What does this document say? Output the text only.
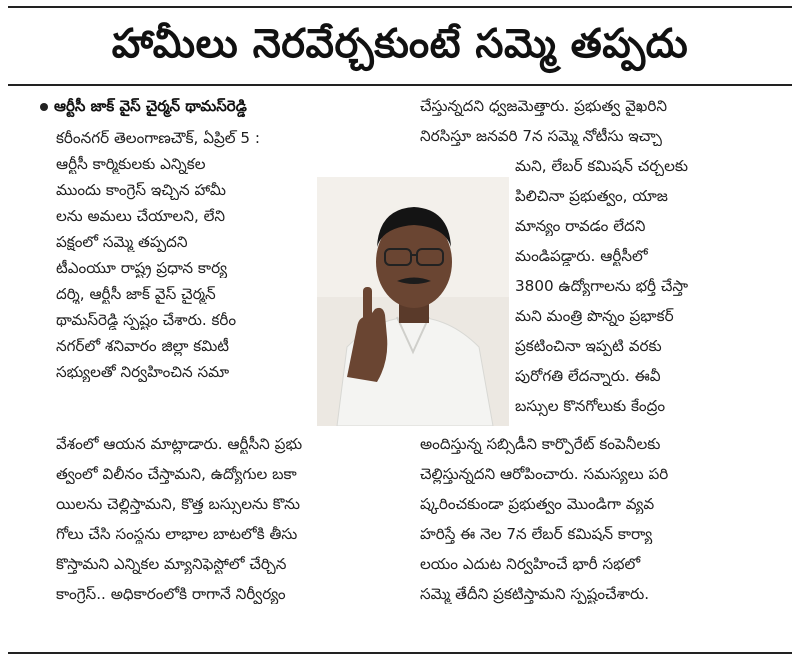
హామీలు నెరవేర్చకుంటే సమ్మె తప్పదు

ఆర్టీసీ జాక్ వైస్ చైర్మన్ థామస్‌రెడ్డి

కరీంనగర్ తెలంగాణచౌక్, ఏప్రిల్ 5 :

ఆర్టీసీ కార్మికులకు ఎన్నికల

ముందు కాంగ్రెస్ ఇచ్చిన హామీ

లను అమలు చేయాలని, లేని

పక్షంలో సమ్మె తప్పదని

టీఎంయూ రాష్ట్ర ప్రధాన కార్య

దర్శి, ఆర్టీసీ జాక్ వైస్ చైర్మన్

థామస్‌రెడ్డి స్పష్టం చేశారు. కరీం

నగర్‌లో శనివారం జిల్లా కమిటీ

సభ్యులతో నిర్వహించిన సమా

వేశంలో ఆయన మాట్లాడారు. ఆర్టీసీని ప్రభు

త్వంలో విలీనం చేస్తామని, ఉద్యోగుల బకా

యిలను చెల్లిస్తామని, కొత్త బస్సులను కొను

గోలు చేసి సంస్థను లాభాల బాటలోకి తీసు

కొస్తామని ఎన్నికల మ్యానిఫెస్టోలో చేర్చిన

కాంగ్రెస్.. అధికారంలోకి రాగానే నిర్వీర్యం

చేస్తున్నదని ధ్వజమెత్తారు. ప్రభుత్వ వైఖరిని

నిరసిస్తూ జనవరి 7న సమ్మె నోటీసు ఇచ్చా

మని, లేబర్ కమిషన్ చర్చలకు

పిలిచినా ప్రభుత్వం, యాజ

మాన్యం రావడం లేదని

మండిపడ్డారు. ఆర్టీసీలో

3800 ఉద్యోగాలను భర్తీ చేస్తా

మని మంత్రి పొన్నం ప్రభాకర్

ప్రకటించినా ఇప్పటి వరకు

పురోగతి లేదన్నారు. ఈవీ

బస్సుల కొనగోలుకు కేంద్రం

అందిస్తున్న సబ్సిడీని కార్పొరేట్ కంపెనీలకు

చెల్లిస్తున్నదని ఆరోపించారు. సమస్యలు పరి

ష్కరించకుండా ప్రభుత్వం మొండిగా వ్యవ

హరిస్తే ఈ నెల 7న లేబర్ కమిషన్ కార్యా

లయం ఎదుట నిర్వహించే భారీ సభలో

సమ్మె తేదీని ప్రకటిస్తామని స్పష్టంచేశారు.
